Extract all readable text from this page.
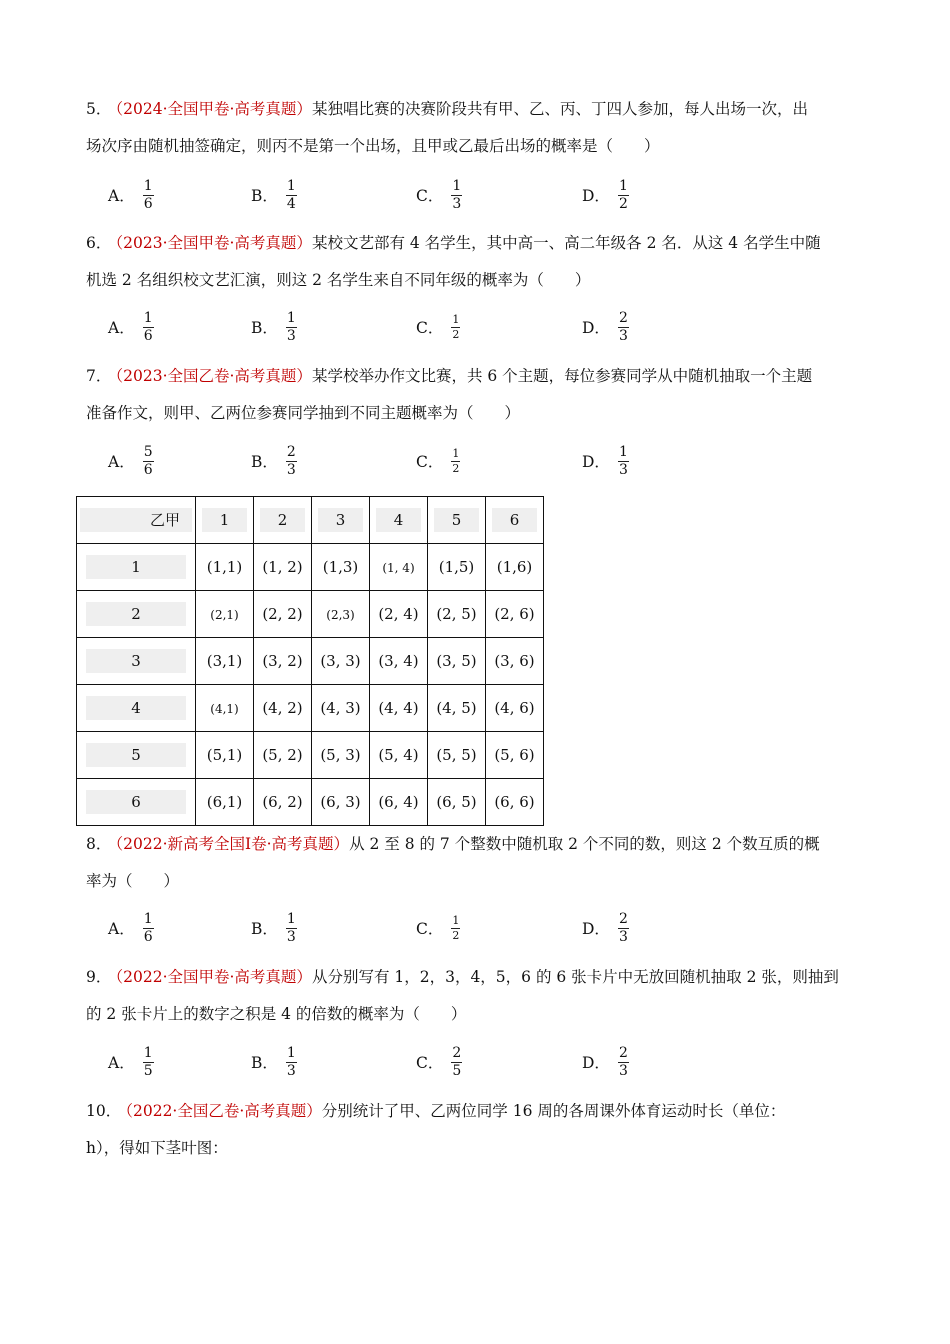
5． （2024·全国甲卷·高考真题）某独唱比赛的决赛阶段共有甲、乙、丙、丁四人参加，每人出场一次，出
场次序由随机抽签确定，则丙不是第一个出场，且甲或乙最后出场的概率是（　　）
A． $\frac{1}{6}$	B． $\frac{1}{4}$	C． $\frac{1}{3}$	D． $\frac{1}{2}$
6． （2023·全国甲卷·高考真题）某校文艺部有 4 名学生，其中高一、高二年级各 2 名．从这 4 名学生中随
机选 2 名组织校文艺汇演，则这 2 名学生来自不同年级的概率为（　　）
A． $\frac{1}{6}$	B． $\frac{1}{3}$	C． $\frac{1}{2}$	D． $\frac{2}{3}$
7． （2023·全国乙卷·高考真题）某学校举办作文比赛，共 6 个主题，每位参赛同学从中随机抽取一个主题
准备作文，则甲、乙两位参赛同学抽到不同主题概率为（　　）
A． $\frac{5}{6}$	B． $\frac{2}{3}$	C． $\frac{1}{2}$	D． $\frac{1}{3}$
乙甲	1	2	3	4	5	6
1	(1,1)	(1, 2)	(1,3)	(1, 4)	(1,5)	(1,6)
2	(2,1)	(2, 2)	(2,3)	(2, 4)	(2, 5)	(2, 6)
3	(3,1)	(3, 2)	(3, 3)	(3, 4)	(3, 5)	(3, 6)
4	(4,1)	(4, 2)	(4, 3)	(4, 4)	(4, 5)	(4, 6)
5	(5,1)	(5, 2)	(5, 3)	(5, 4)	(5, 5)	(5, 6)
6	(6,1)	(6, 2)	(6, 3)	(6, 4)	(6, 5)	(6, 6)
8． （2022·新高考全国Ⅰ卷·高考真题）从 2 至 8 的 7 个整数中随机取 2 个不同的数，则这 2 个数互质的概
率为（　　）
A． $\frac{1}{6}$	B． $\frac{1}{3}$	C． $\frac{1}{2}$	D． $\frac{2}{3}$
9． （2022·全国甲卷·高考真题）从分别写有 1，2，3，4，5，6 的 6 张卡片中无放回随机抽取 2 张，则抽到
的 2 张卡片上的数字之积是 4 的倍数的概率为（　　）
A． $\frac{1}{5}$	B． $\frac{1}{3}$	C． $\frac{2}{5}$	D． $\frac{2}{3}$
10． （2022·全国乙卷·高考真题）分别统计了甲、乙两位同学 16 周的各周课外体育运动时长（单位：
h），得如下茎叶图：
